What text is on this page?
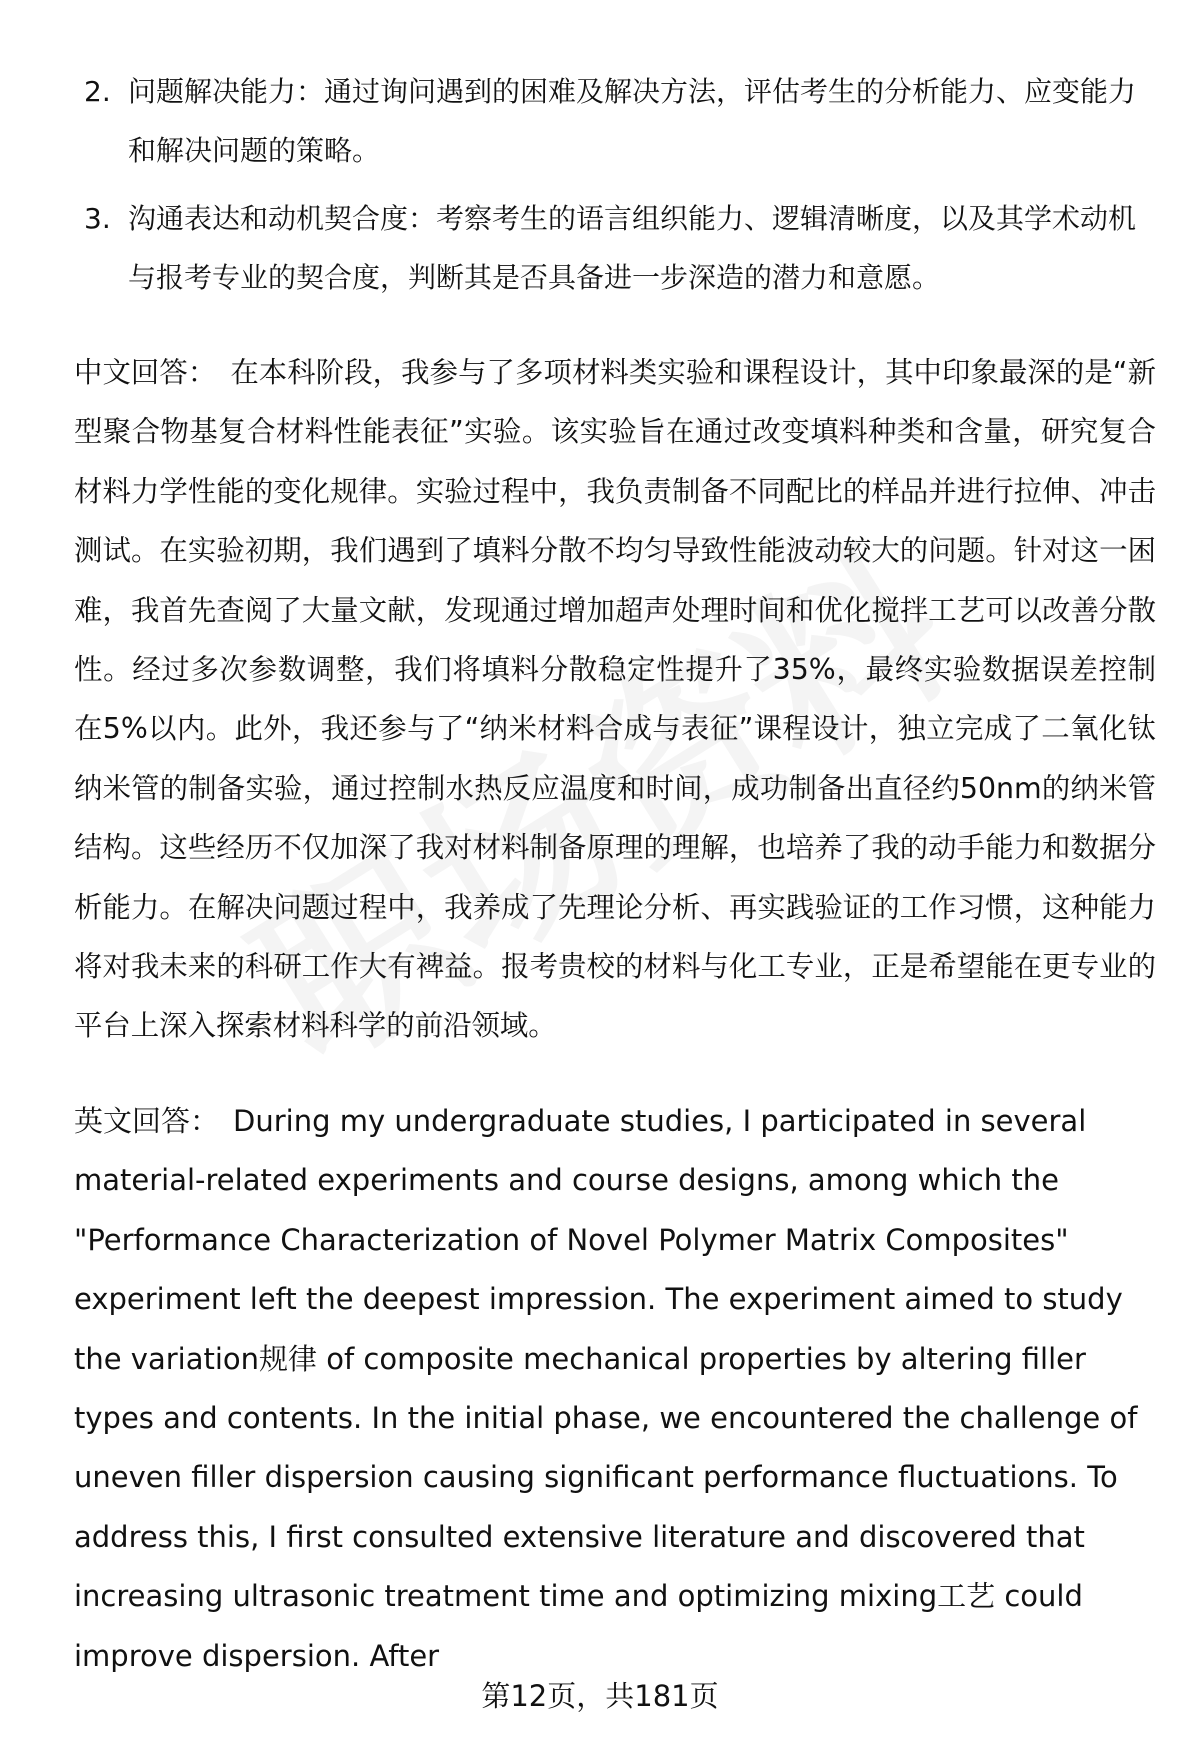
2. 问题解决能力：通过询问遇到的困难及解决方法，评估考生的分析能力、应变能力和解决问题的策略。
3. 沟通表达和动机契合度：考察考生的语言组织能力、逻辑清晰度，以及其学术动机与报考专业的契合度，判断其是否具备进一步深造的潜力和意愿。

中文回答： 在本科阶段，我参与了多项材料类实验和课程设计，其中印象最深的是“新型聚合物基复合材料性能表征”实验。该实验旨在通过改变填料种类和含量，研究复合材料力学性能的变化规律。实验过程中，我负责制备不同配比的样品并进行拉伸、冲击测试。在实验初期，我们遇到了填料分散不均匀导致性能波动较大的问题。针对这一困难，我首先查阅了大量文献，发现通过增加超声处理时间和优化搅拌工艺可以改善分散性。经过多次参数调整，我们将填料分散稳定性提升了35%，最终实验数据误差控制在5%以内。此外，我还参与了“纳米材料合成与表征”课程设计，独立完成了二氧化钛纳米管的制备实验，通过控制水热反应温度和时间，成功制备出直径约50nm的纳米管结构。这些经历不仅加深了我对材料制备原理的理解，也培养了我的动手能力和数据分析能力。在解决问题过程中，我养成了先理论分析、再实践验证的工作习惯，这种能力将对我未来的科研工作大有裨益。报考贵校的材料与化工专业，正是希望能在更专业的平台上深入探索材料科学的前沿领域。

英文回答： During my undergraduate studies, I participated in several material-related experiments and course designs, among which the "Performance Characterization of Novel Polymer Matrix Composites" experiment left the deepest impression. The experiment aimed to study the variation规律 of composite mechanical properties by altering filler types and contents. In the initial phase, we encountered the challenge of uneven filler dispersion causing significant performance fluctuations. To address this, I first consulted extensive literature and discovered that increasing ultrasonic treatment time and optimizing mixing工艺 could improve dispersion. After

第12页，共181页
